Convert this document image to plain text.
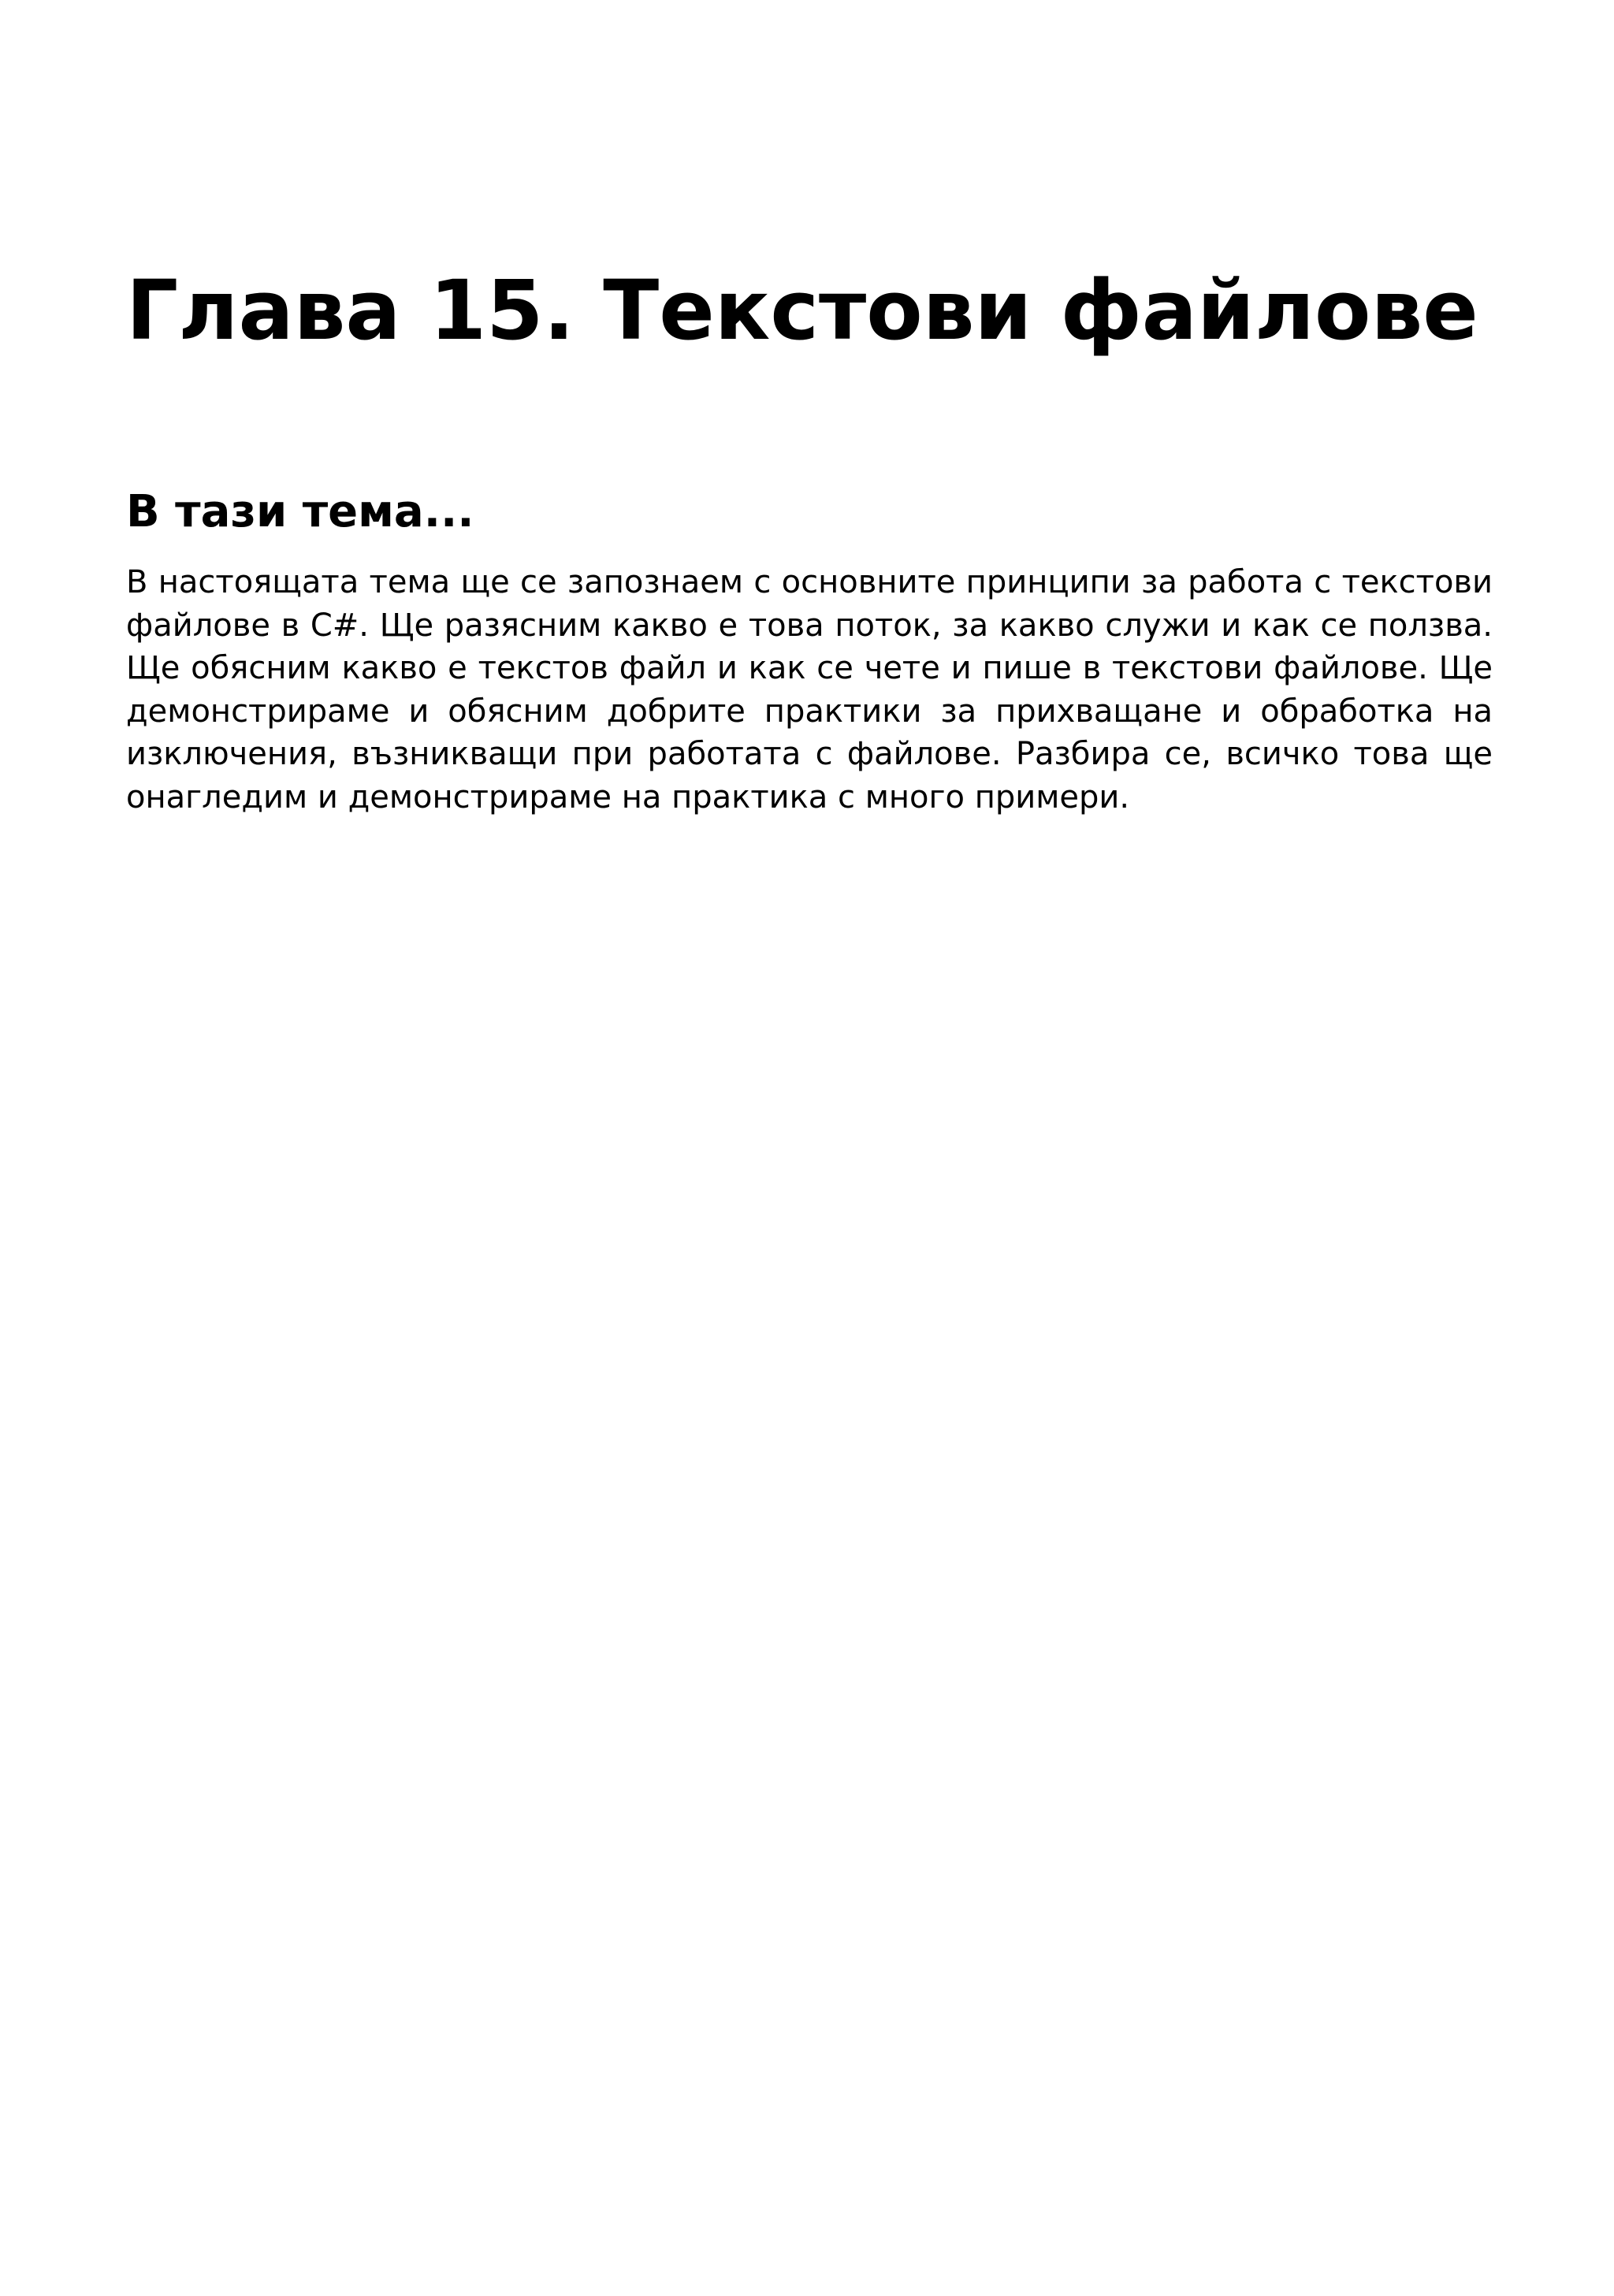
Глава 15. Текстови файлове
В тази тема...

В настоящата тема ще се запознаем с основните принципи за работа с текстови файлове в C#. Ще разясним какво е това поток, за какво служи и как се ползва. Ще обясним какво е текстов файл и как се чете и пише в текстови файлове. Ще демонстрираме и обясним добрите практики за прихващане и обработка на изключения, възникващи при работата с файлове. Разбира се, всичко това ще онагледим и демонстрираме на практика с много примери.
